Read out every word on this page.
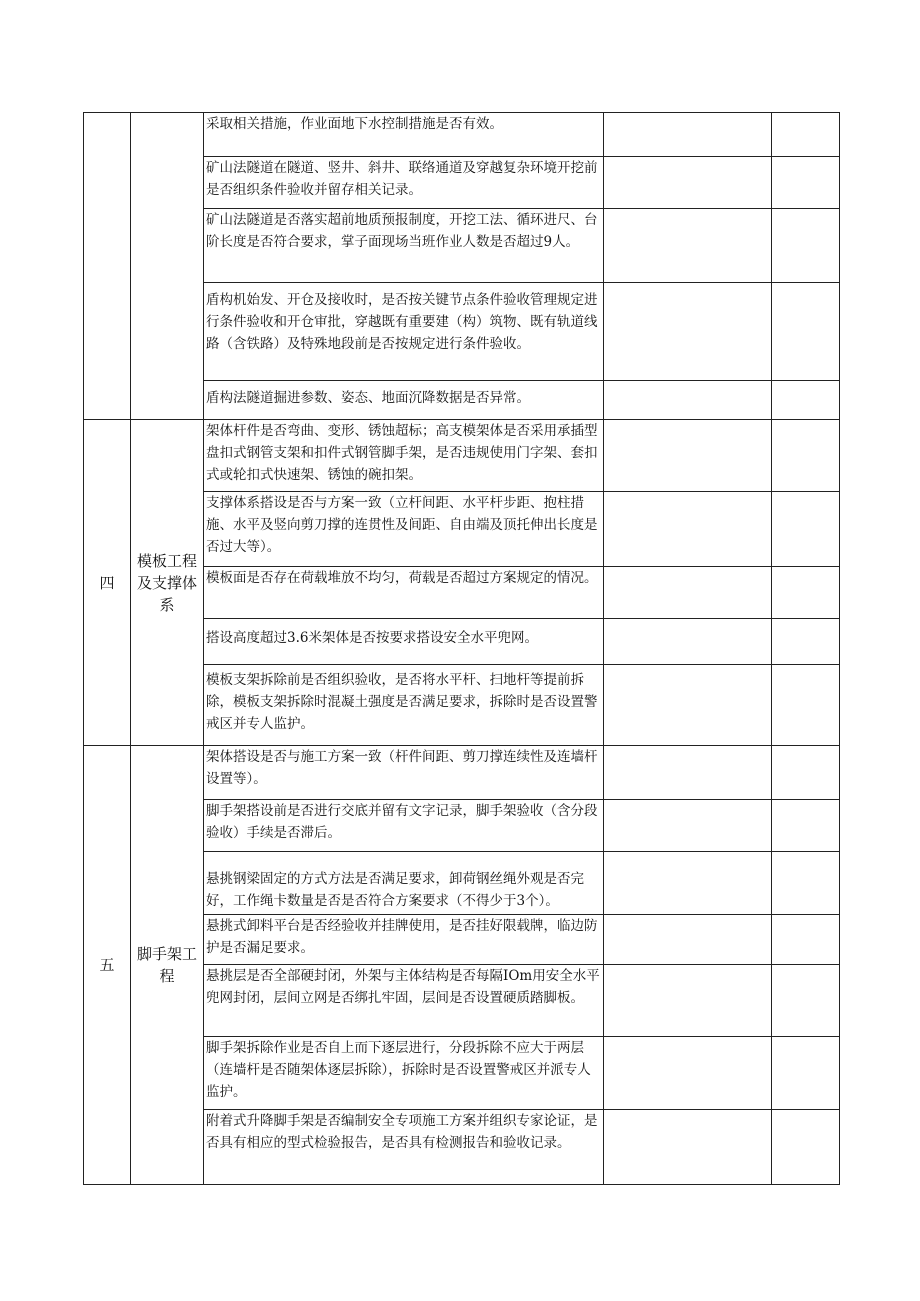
		采取相关措施，作业面地下水控制措施是否有效。		
		矿山法隧道在隧道、竖井、斜井、联络通道及穿越复杂环境开挖前是否组织条件验收并留存相关记录。		
		矿山法隧道是否落实超前地质预报制度，开挖工法、循环进尺、台阶长度是否符合要求，掌子面现场当班作业人数是否超过9人。		
		盾构机始发、开仓及接收时，是否按关键节点条件验收管理规定进行条件验收和开仓审批，穿越既有重要建（构）筑物、既有轨道线路（含铁路）及特殊地段前是否按规定进行条件验收。		
		盾构法隧道掘进参数、姿态、地面沉降数据是否异常。		
四	模板工程及支撑体系	架体杆件是否弯曲、变形、锈蚀超标；高支模架体是否采用承插型盘扣式钢管支架和扣件式钢管脚手架，是否违规使用门字架、套扣式或轮扣式快速架、锈蚀的碗扣架。		
		支撑体系搭设是否与方案一致（立杆间距、水平杆步距、抱柱措施、水平及竖向剪刀撑的连贯性及间距、自由端及顶托伸出长度是否过大等）。		
		模板面是否存在荷载堆放不均匀，荷载是否超过方案规定的情况。		
		搭设高度超过3.6米架体是否按要求搭设安全水平兜网。		
		模板支架拆除前是否组织验收，是否将水平杆、扫地杆等提前拆除，模板支架拆除时混凝土强度是否满足要求，拆除时是否设置警戒区并专人监护。		
五	脚手架工程	架体搭设是否与施工方案一致（杆件间距、剪刀撑连续性及连墙杆设置等）。		
		脚手架搭设前是否进行交底并留有文字记录，脚手架验收（含分段验收）手续是否滞后。		
		悬挑钢梁固定的方式方法是否满足要求，卸荷钢丝绳外观是否完好，工作绳卡数量是否是否符合方案要求（不得少于3个）。		
		悬挑式卸料平台是否经验收并挂牌使用，是否挂好限载牌，临边防护是否漏足要求。		
		悬挑层是否全部硬封闭，外架与主体结构是否每隔IOm用安全水平兜网封闭，层间立网是否绑扎牢固，层间是否设置硬质踏脚板。		
		脚手架拆除作业是否自上而下逐层进行，分段拆除不应大于两层（连墙杆是否随架体逐层拆除），拆除时是否设置警戒区并派专人监护。		
		附着式升降脚手架是否编制安全专项施工方案并组织专家论证，是否具有相应的型式检验报告，是否具有检测报告和验收记录。		
